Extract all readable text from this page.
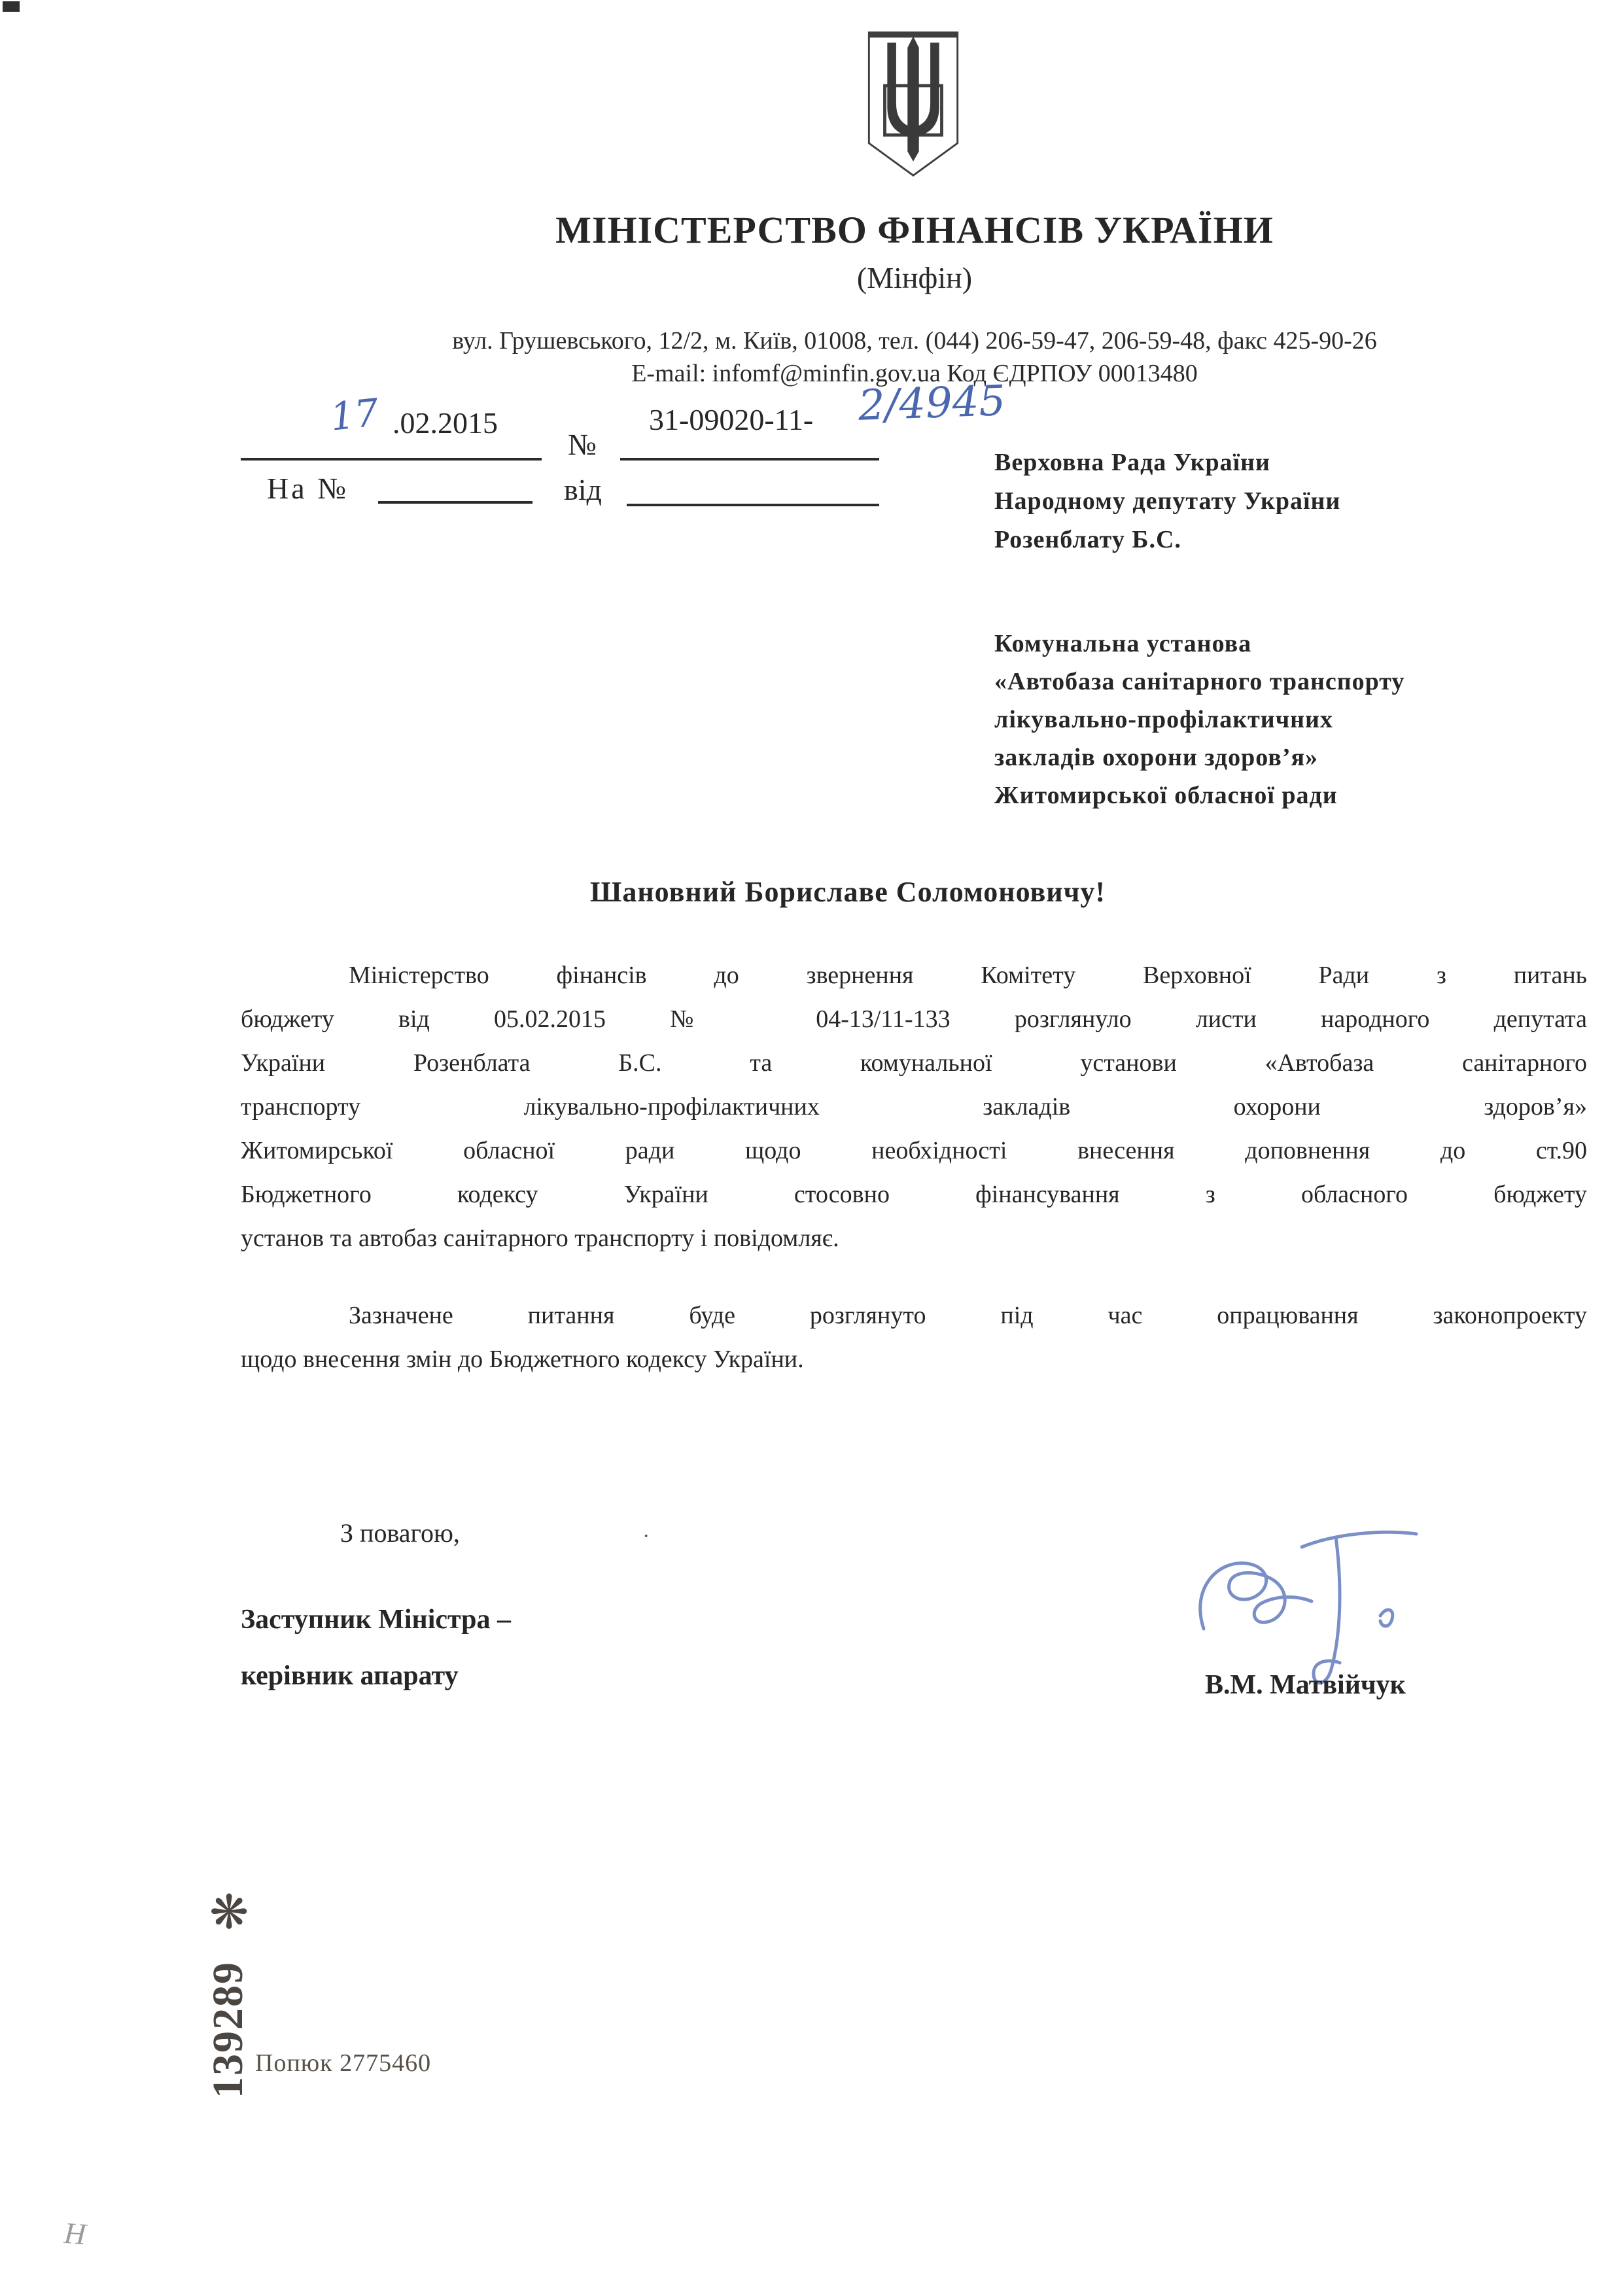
МІНІСТЕРСТВО ФІНАНСІВ УКРАЇНИ
(Мінфін)
вул. Грушевського, 12/2, м. Київ, 01008, тел. (044) 206-59-47, 206-59-48, факс 425-90-26
E-mail: infomf@minfin.gov.ua Код ЄДРПОУ 00013480
17 .02.2015
№
31-09020-11- 2/4945
На №	від
Верховна Рада України
Народному депутату України
Розенблату Б.С.
Комунальна установа
«Автобаза санітарного транспорту
лікувально-профілактичних
закладів охорони здоров’я»
Житомирської обласної ради
Шановний Бориславе Соломоновичу!
Міністерство фінансів до звернення Комітету Верховної Ради з питань
бюджету від 05.02.2015 № 04-13/11-133 розглянуло листи народного депутата
України Розенблата Б.С. та комунальної установи «Автобаза санітарного
транспорту лікувально-профілактичних закладів охорони здоров’я»
Житомирської обласної ради щодо необхідності внесення доповнення до ст.90
Бюджетного кодексу України стосовно фінансування з обласного бюджету
установ та автобаз санітарного транспорту і повідомляє.
Зазначене питання буде розглянуто під час опрацювання законопроекту
щодо внесення змін до Бюджетного кодексу України.
З повагою,	·
Заступник Міністра –
керівник апарату	В.М. Матвійчук
❋
139289 Попюк 2775460
Н
